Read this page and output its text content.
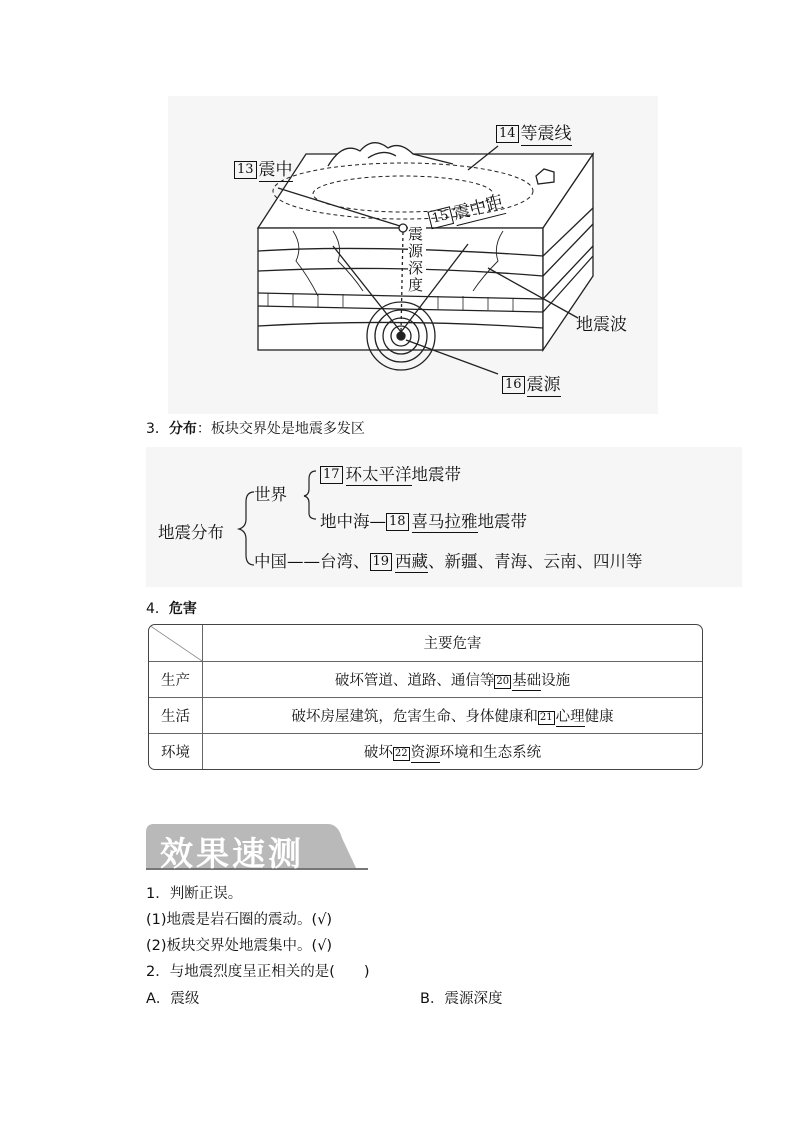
13 震中
14 等震线
15震中距
16 震源
震
源
深
度
地震波
3．分布：板块交界处是地震多发区
地震分布
世界
17 环太平洋地震带
地中海— 18 喜马拉雅地震带
中国——台湾、 19 西藏、新疆、青海、云南、四川等
4．危害
	主要危害
生产	破坏管道、道路、通信等 20 基础设施
生活	破坏房屋建筑，危害生命、身体健康和 21 心理健康
环境	破坏 22 资源环境和生态系统
效果速测
1．判断正误。
(1)地震是岩石圈的震动。(√)
(2)板块交界处地震集中。(√)
2．与地震烈度呈正相关的是(　　)
A．震级	B．震源深度
